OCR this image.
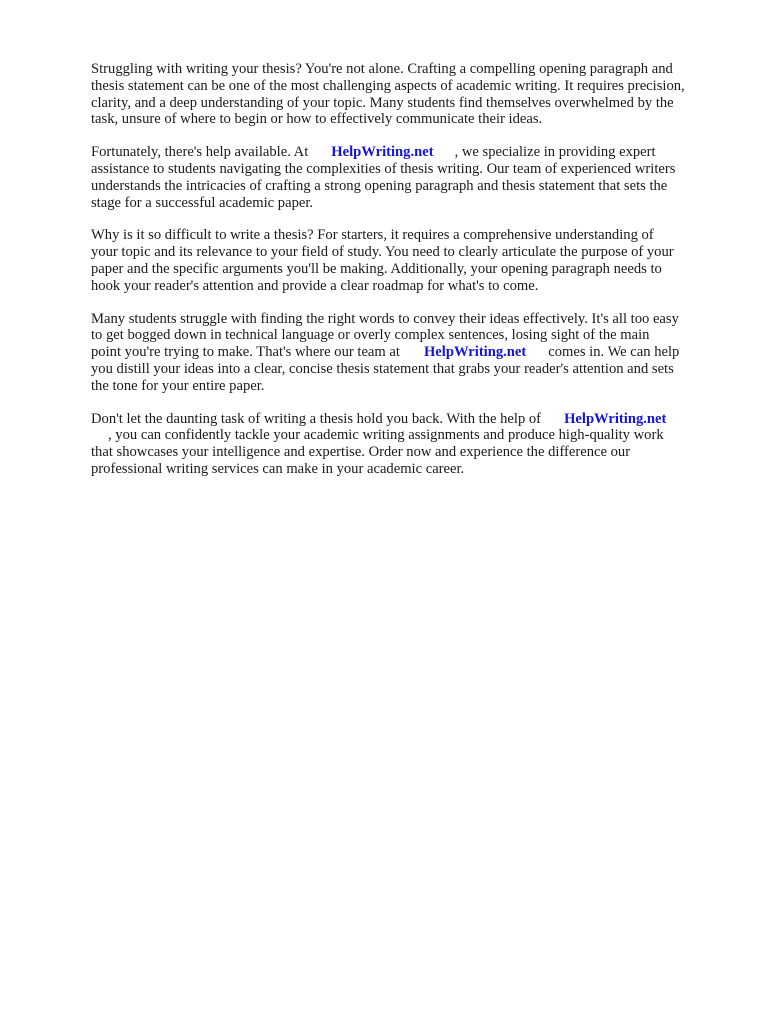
Struggling with writing your thesis? You're not alone. Crafting a compelling opening paragraph and
thesis statement can be one of the most challenging aspects of academic writing. It requires precision,
clarity, and a deep understanding of your topic. Many students find themselves overwhelmed by the
task, unsure of where to begin or how to effectively communicate their ideas.

Fortunately, there's help available. At HelpWriting.net , we specialize in providing expert
assistance to students navigating the complexities of thesis writing. Our team of experienced writers
understands the intricacies of crafting a strong opening paragraph and thesis statement that sets the
stage for a successful academic paper.

Why is it so difficult to write a thesis? For starters, it requires a comprehensive understanding of
your topic and its relevance to your field of study. You need to clearly articulate the purpose of your
paper and the specific arguments you'll be making. Additionally, your opening paragraph needs to
hook your reader's attention and provide a clear roadmap for what's to come.

Many students struggle with finding the right words to convey their ideas effectively. It's all too easy
to get bogged down in technical language or overly complex sentences, losing sight of the main
point you're trying to make. That's where our team at HelpWriting.net comes in. We can help
you distill your ideas into a clear, concise thesis statement that grabs your reader's attention and sets
the tone for your entire paper.

Don't let the daunting task of writing a thesis hold you back. With the help of HelpWriting.net
, you can confidently tackle your academic writing assignments and produce high-quality work
that showcases your intelligence and expertise. Order now and experience the difference our
professional writing services can make in your academic career.
